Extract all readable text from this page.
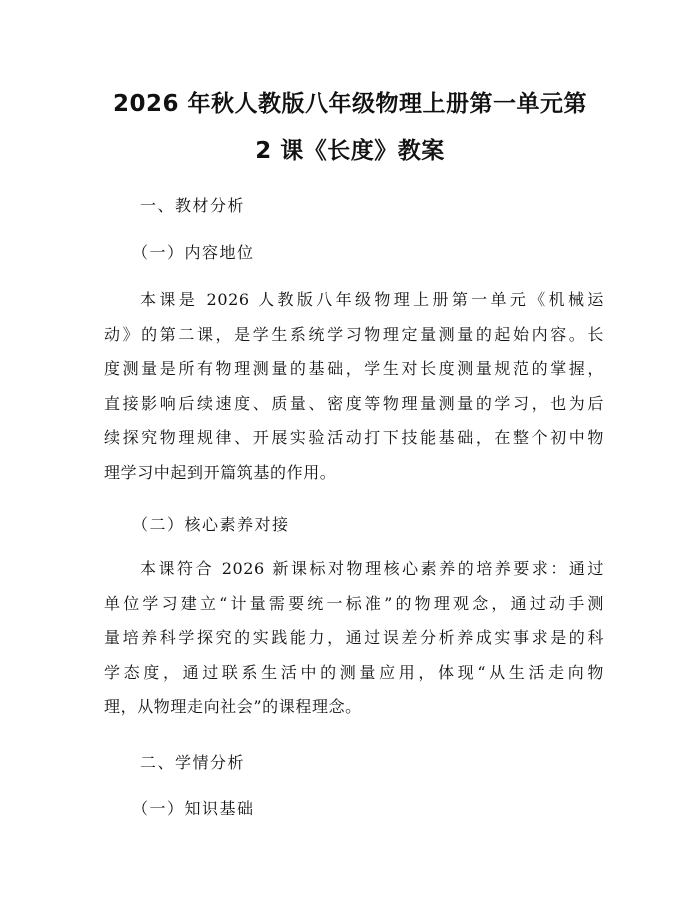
2026 年秋人教版八年级物理上册第一单元第
2 课《长度》教案
一、教材分析
（一）内容地位
本课是 2026 人教版八年级物理上册第一单元《机械运
动》的第二课，是学生系统学习物理定量测量的起始内容。长
度测量是所有物理测量的基础，学生对长度测量规范的掌握，
直接影响后续速度、质量、密度等物理量测量的学习，也为后
续探究物理规律、开展实验活动打下技能基础，在整个初中物
理学习中起到开篇筑基的作用。
（二）核心素养对接
本课符合 2026 新课标对物理核心素养的培养要求：通过
单位学习建立“计量需要统一标准”的物理观念，通过动手测
量培养科学探究的实践能力，通过误差分析养成实事求是的科
学态度，通过联系生活中的测量应用，体现“从生活走向物
理，从物理走向社会”的课程理念。
二、学情分析
（一）知识基础
